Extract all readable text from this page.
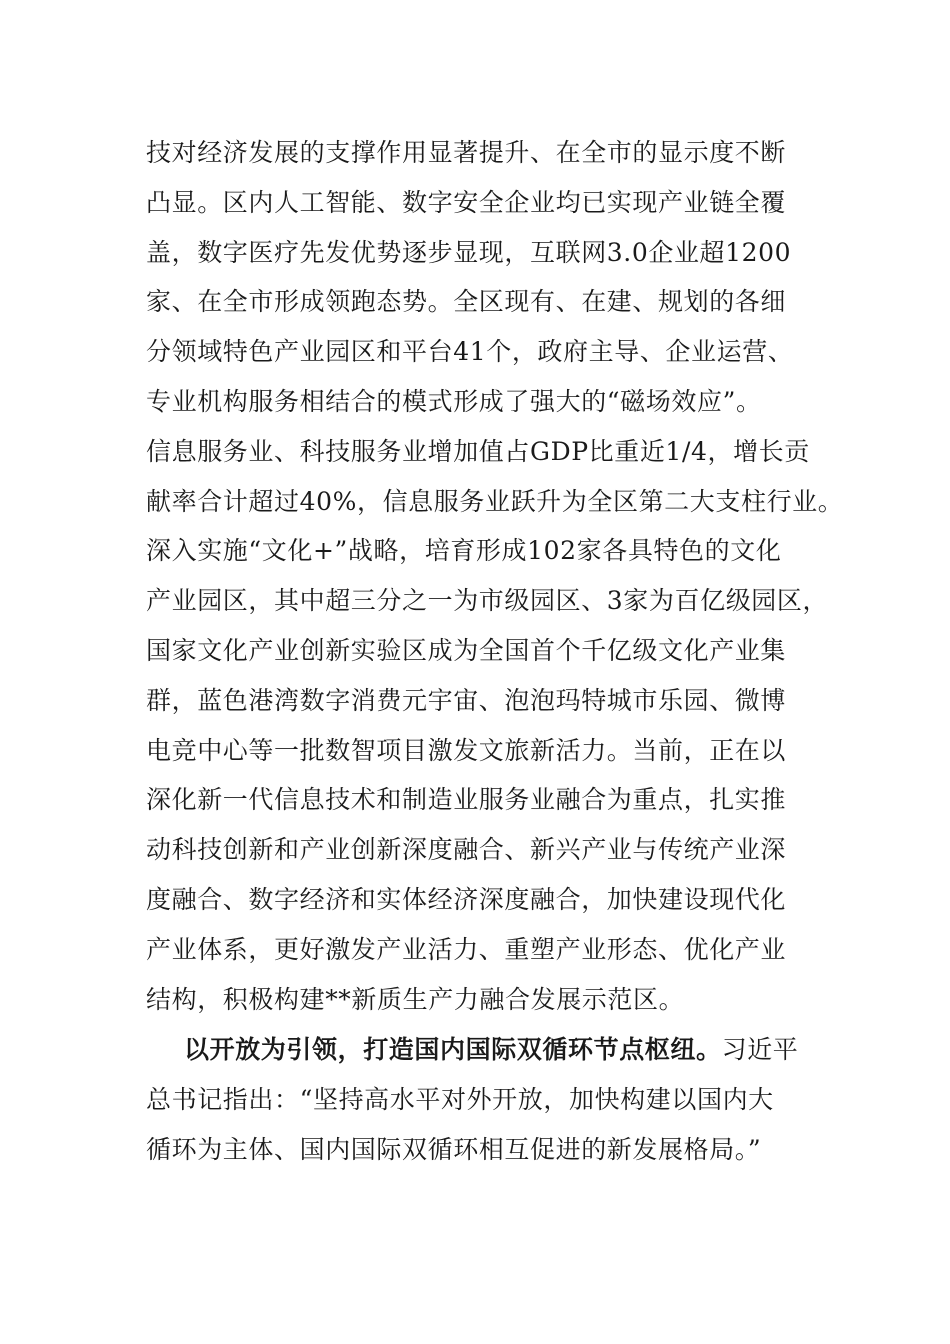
技对经济发展的支撑作用显著提升、在全市的显示度不断
凸显。区内人工智能、数字安全企业均已实现产业链全覆
盖，数字医疗先发优势逐步显现，互联网3.0企业超1200
家、在全市形成领跑态势。全区现有、在建、规划的各细
分领域特色产业园区和平台41个，政府主导、企业运营、
专业机构服务相结合的模式形成了强大的“磁场效应”。
信息服务业、科技服务业增加值占GDP比重近1/4，增长贡
献率合计超过40%，信息服务业跃升为全区第二大支柱行业。
深入实施“文化+”战略，培育形成102家各具特色的文化
产业园区，其中超三分之一为市级园区、3家为百亿级园区，
国家文化产业创新实验区成为全国首个千亿级文化产业集
群，蓝色港湾数字消费元宇宙、泡泡玛特城市乐园、微博
电竞中心等一批数智项目激发文旅新活力。当前，正在以
深化新一代信息技术和制造业服务业融合为重点，扎实推
动科技创新和产业创新深度融合、新兴产业与传统产业深
度融合、数字经济和实体经济深度融合，加快建设现代化
产业体系，更好激发产业活力、重塑产业形态、优化产业
结构，积极构建**新质生产力融合发展示范区。
以开放为引领，打造国内国际双循环节点枢纽。习近平
总书记指出：“坚持高水平对外开放，加快构建以国内大
循环为主体、国内国际双循环相互促进的新发展格局。”
